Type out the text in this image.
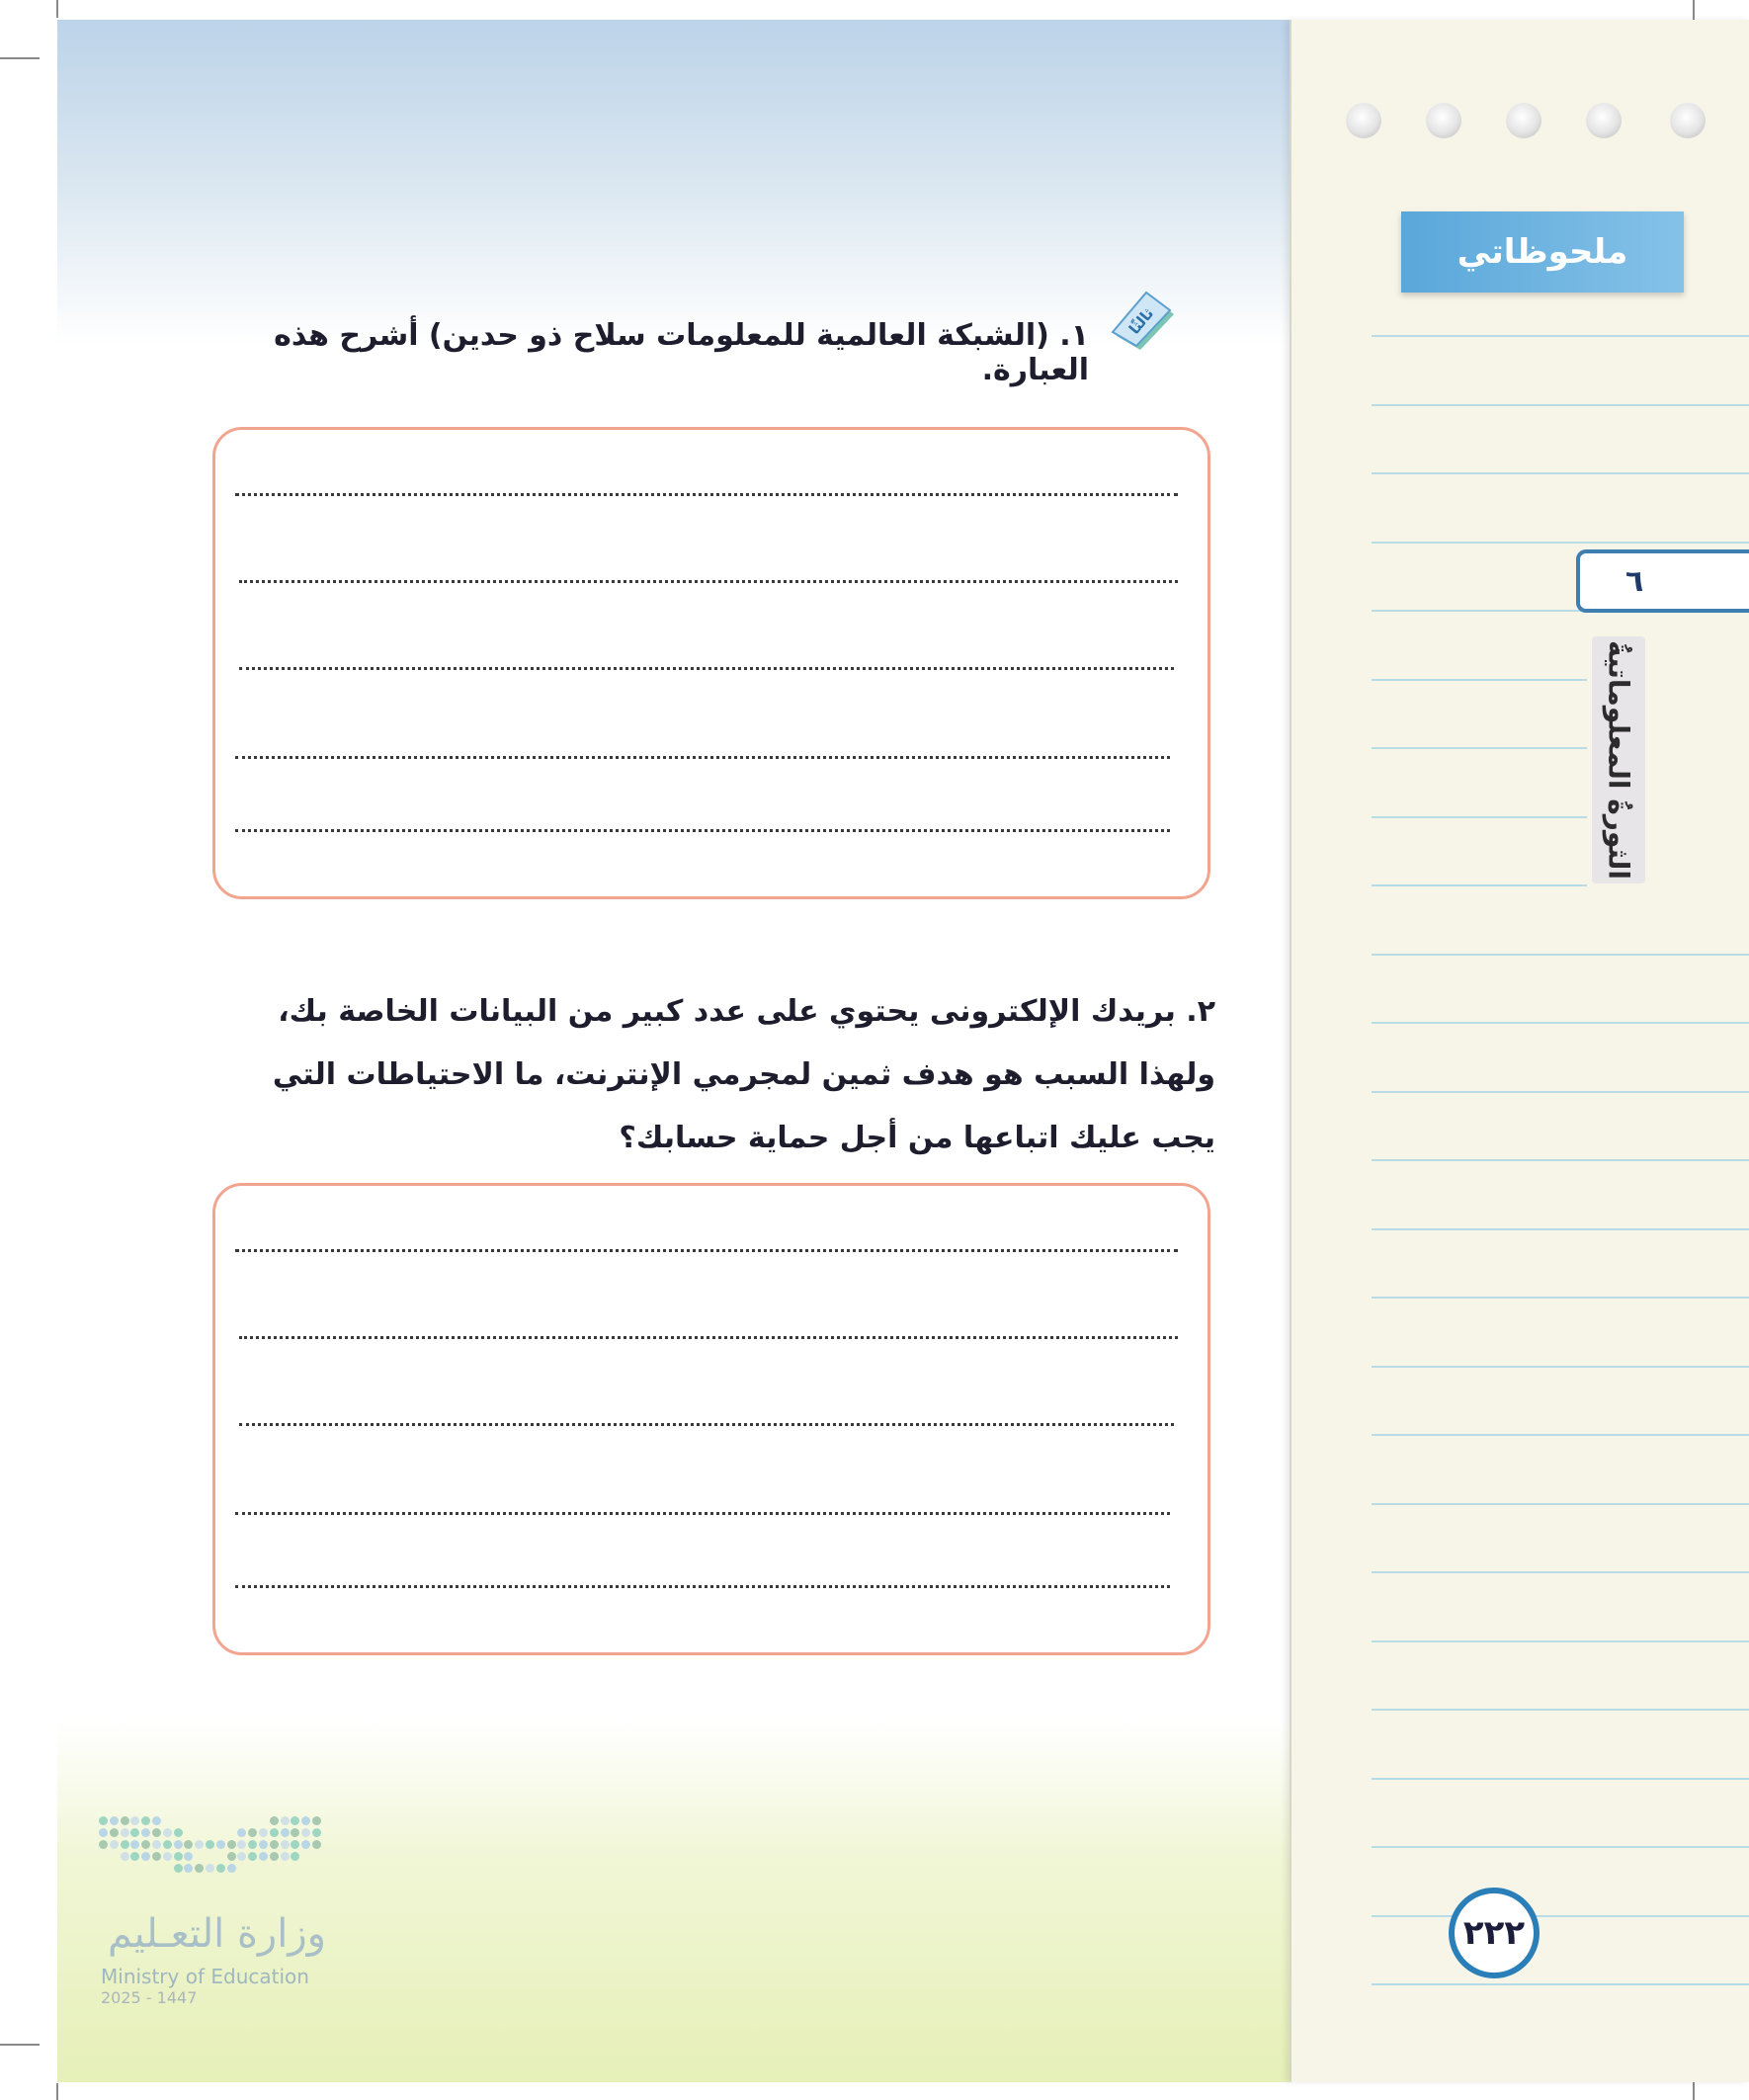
ملحوظاتي
٦
الثورةُ المعلوماتيةُ
٢٢٢
ثالثًا
١. (الشبكة العالمية للمعلومات سلاح ذو حدين) أشرح هذه العبارة.
٢. بريدك الإلكترونى يحتوي على عدد كبير من البيانات الخاصة بك، ولهذا السبب هو هدف ثمين لمجرمي الإنترنت، ما الاحتياطات التي يجب عليك اتباعها من أجل حماية حسابك؟
وزارة التعـليم
Ministry of Education
2025 - 1447
